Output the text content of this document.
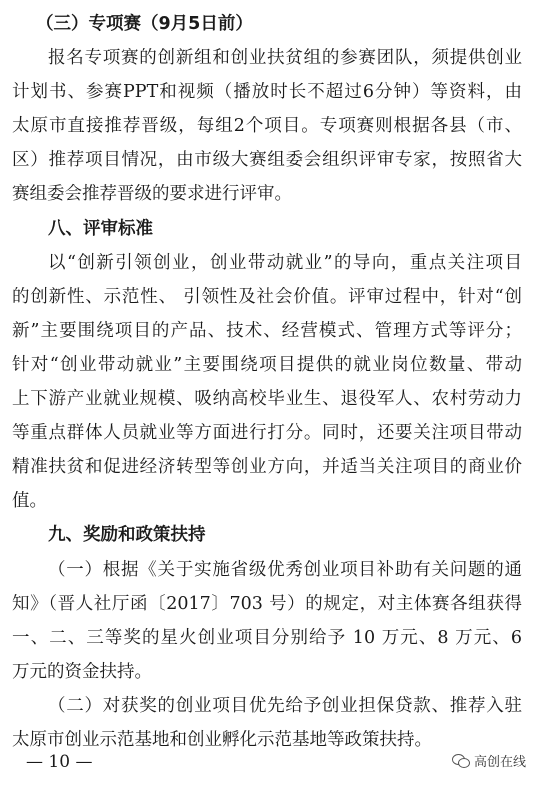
（三）专项赛（9月5日前）
报名专项赛的创新组和创业扶贫组的参赛团队，须提供创业
计划书、参赛PPT和视频（播放时长不超过6分钟）等资料，由
太原市直接推荐晋级，每组2个项目。专项赛则根据各县（市、
区）推荐项目情况，由市级大赛组委会组织评审专家，按照省大
赛组委会推荐晋级的要求进行评审。
八、评审标准
以“创新引领创业，创业带动就业”的导向，重点关注项目
的创新性、示范性、 引领性及社会价值。评审过程中，针对“创
新”主要围绕项目的产品、技术、经营模式、管理方式等评分；
针对“创业带动就业”主要围绕项目提供的就业岗位数量、带动
上下游产业就业规模、吸纳高校毕业生、退役军人、农村劳动力
等重点群体人员就业等方面进行打分。同时，还要关注项目带动
精准扶贫和促进经济转型等创业方向，并适当关注项目的商业价
值。
九、奖励和政策扶持
（一）根据《关于实施省级优秀创业项目补助有关问题的通
知》（晋人社厅函〔2017〕703 号）的规定，对主体赛各组获得
一、二、三等奖的星火创业项目分别给予 10 万元、8 万元、6
万元的资金扶持。
（二）对获奖的创业项目优先给予创业担保贷款、推荐入驻
太原市创业示范基地和创业孵化示范基地等政策扶持。
— 10 —	高创在线
